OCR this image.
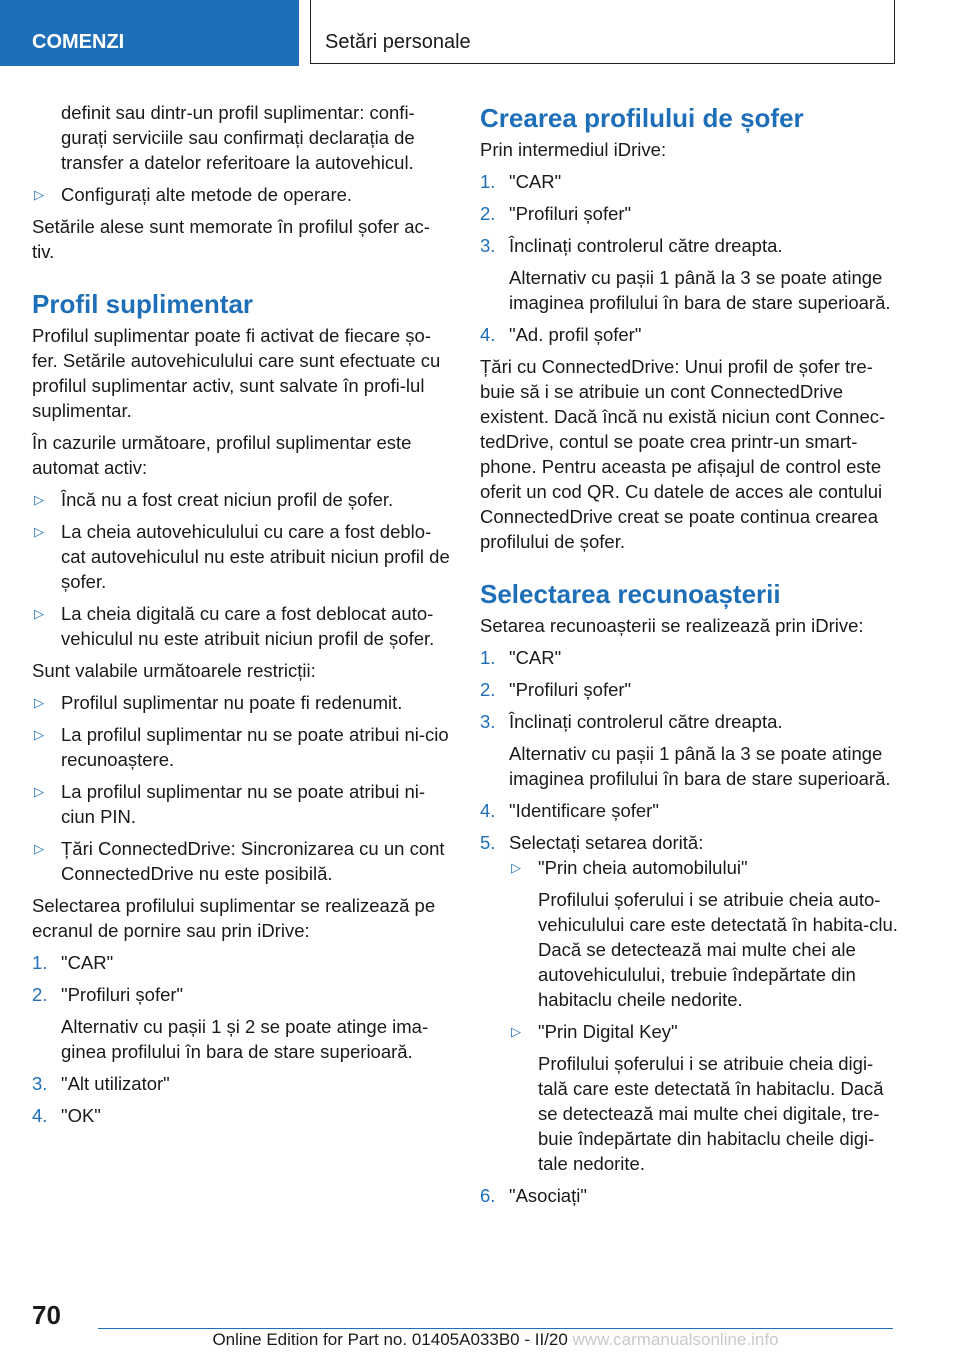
COMENZI	Setări personale

definit sau dintr-un profil suplimentar: confi‐gurați serviciile sau confirmați declarația de transfer a datelor referitoare la autovehicul.

▷ Configurați alte metode de operare.

Setările alese sunt memorate în profilul șofer ac‐tiv.

Profil suplimentar

Profilul suplimentar poate fi activat de fiecare șo‐fer. Setările autovehiculului care sunt efectuate cu profilul suplimentar activ, sunt salvate în profi‐lul suplimentar.

În cazurile următoare, profilul suplimentar este automat activ:

▷ Încă nu a fost creat niciun profil de șofer.
▷ La cheia autovehiculului cu care a fost deblo‐cat autovehiculul nu este atribuit niciun profil de șofer.
▷ La cheia digitală cu care a fost deblocat auto‐vehiculul nu este atribuit niciun profil de șofer.

Sunt valabile următoarele restricții:

▷ Profilul suplimentar nu poate fi redenumit.
▷ La profilul suplimentar nu se poate atribui ni‐cio recunoaștere.
▷ La profilul suplimentar nu se poate atribui ni‐ciun PIN.
▷ Țări ConnectedDrive: Sincronizarea cu un cont ConnectedDrive nu este posibilă.

Selectarea profilului suplimentar se realizează pe ecranul de pornire sau prin iDrive:

1. "CAR"
2. "Profiluri șofer"
Alternativ cu pașii 1 și 2 se poate atinge ima‐ginea profilului în bara de stare superioară.
3. "Alt utilizator"
4. "OK"
Crearea profilului de șofer

Prin intermediul iDrive:

1. "CAR"
2. "Profiluri șofer"
3. Înclinați controlerul către dreapta.
Alternativ cu pașii 1 până la 3 se poate atinge imaginea profilului în bara de stare superioară.
4. "Ad. profil șofer"

Țări cu ConnectedDrive: Unui profil de șofer tre‐buie să i se atribuie un cont ConnectedDrive existent. Dacă încă nu există niciun cont Connec‐tedDrive, contul se poate crea printr-un smart‐phone. Pentru aceasta pe afișajul de control este oferit un cod QR. Cu datele de acces ale contului ConnectedDrive creat se poate continua crearea profilului de șofer.

Selectarea recunoașterii

Setarea recunoașterii se realizează prin iDrive:

1. "CAR"
2. "Profiluri șofer"
3. Înclinați controlerul către dreapta.
Alternativ cu pașii 1 până la 3 se poate atinge imaginea profilului în bara de stare superioară.
4. "Identificare șofer"
5. Selectați setarea dorită:
▷ "Prin cheia automobilului"
Profilului șoferului i se atribuie cheia auto‐vehiculului care este detectată în habita‐clu. Dacă se detectează mai multe chei ale autovehiculului, trebuie îndepărtate din habitaclu cheile nedorite.
▷ "Prin Digital Key"
Profilului șoferului i se atribuie cheia digi‐tală care este detectată în habitaclu. Dacă se detectează mai multe chei digitale, tre‐buie îndepărtate din habitaclu cheile digi‐tale nedorite.
6. "Asociați"
70
Online Edition for Part no. 01405A033B0 - II/20 www.carmanualsonline.info
